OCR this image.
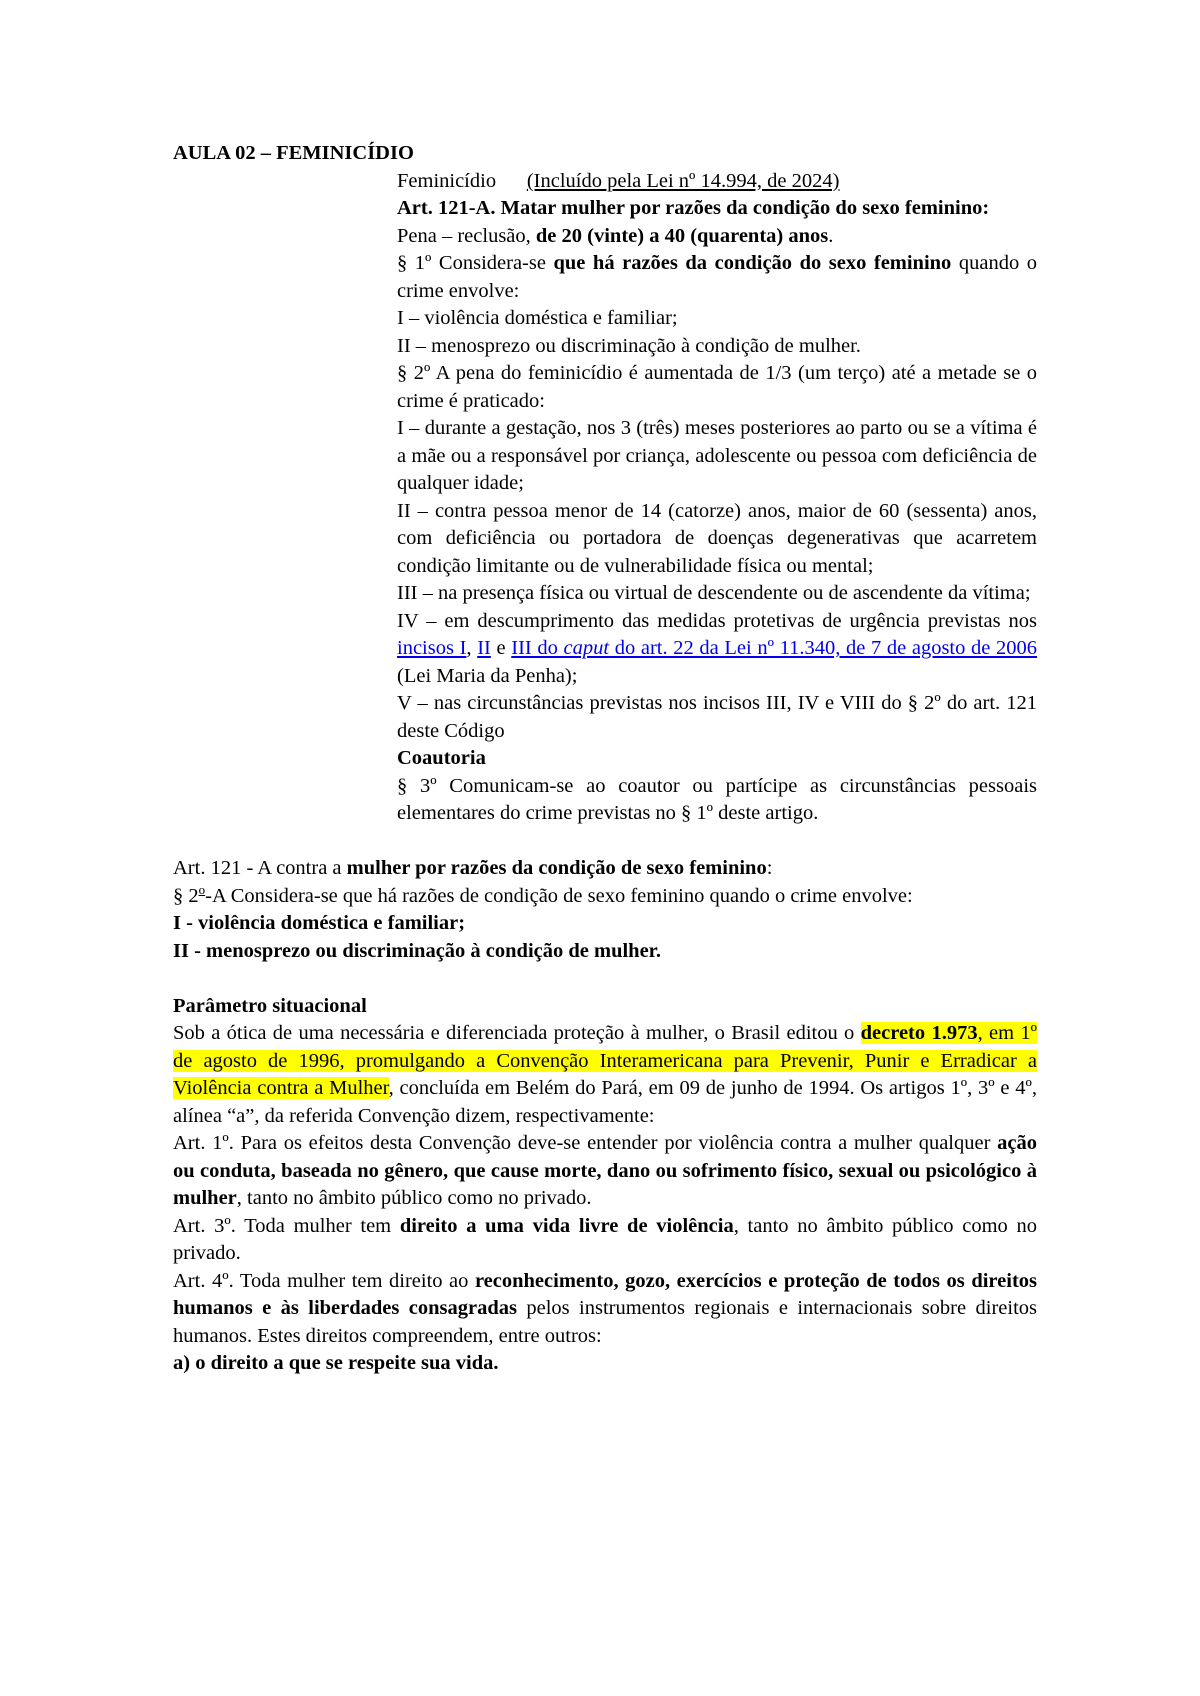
AULA 02 – FEMINICÍDIO

Feminicídio (Incluído pela Lei nº 14.994, de 2024)

Art. 121-A. Matar mulher por razões da condição do sexo feminino:

Pena – reclusão, de 20 (vinte) a 40 (quarenta) anos.

§ 1º Considera-se que há razões da condição do sexo feminino quando o crime envolve:

I – violência doméstica e familiar;

II – menosprezo ou discriminação à condição de mulher.

§ 2º A pena do feminicídio é aumentada de 1/3 (um terço) até a metade se o crime é praticado:

I – durante a gestação, nos 3 (três) meses posteriores ao parto ou se a vítima é a mãe ou a responsável por criança, adolescente ou pessoa com deficiência de qualquer idade;

II – contra pessoa menor de 14 (catorze) anos, maior de 60 (sessenta) anos, com deficiência ou portadora de doenças degenerativas que acarretem condição limitante ou de vulnerabilidade física ou mental;

III – na presença física ou virtual de descendente ou de ascendente da vítima;

IV – em descumprimento das medidas protetivas de urgência previstas nos incisos I, II e III do caput do art. 22 da Lei nº 11.340, de 7 de agosto de 2006 (Lei Maria da Penha);

V – nas circunstâncias previstas nos incisos III, IV e VIII do § 2º do art. 121 deste Código

Coautoria

§ 3º Comunicam-se ao coautor ou partícipe as circunstâncias pessoais elementares do crime previstas no § 1º deste artigo.

Art. 121 - A contra a mulher por razões da condição de sexo feminino:

§ 2$^o$-A Considera-se que há razões de condição de sexo feminino quando o crime envolve:

I - violência doméstica e familiar;

II - menosprezo ou discriminação à condição de mulher.

Parâmetro situacional

Sob a ótica de uma necessária e diferenciada proteção à mulher, o Brasil editou o decreto 1.973, em 1º de agosto de 1996, promulgando a Convenção Interamericana para Prevenir, Punir e Erradicar a Violência contra a Mulher, concluída em Belém do Pará, em 09 de junho de 1994. Os artigos 1º, 3º e 4º, alínea “a”, da referida Convenção dizem, respectivamente:

Art. 1º. Para os efeitos desta Convenção deve-se entender por violência contra a mulher qualquer ação ou conduta, baseada no gênero, que cause morte, dano ou sofrimento físico, sexual ou psicológico à mulher, tanto no âmbito público como no privado.

Art. 3º. Toda mulher tem direito a uma vida livre de violência, tanto no âmbito público como no privado.

Art. 4º. Toda mulher tem direito ao reconhecimento, gozo, exercícios e proteção de todos os direitos humanos e às liberdades consagradas pelos instrumentos regionais e internacionais sobre direitos humanos. Estes direitos compreendem, entre outros:

a) o direito a que se respeite sua vida.
